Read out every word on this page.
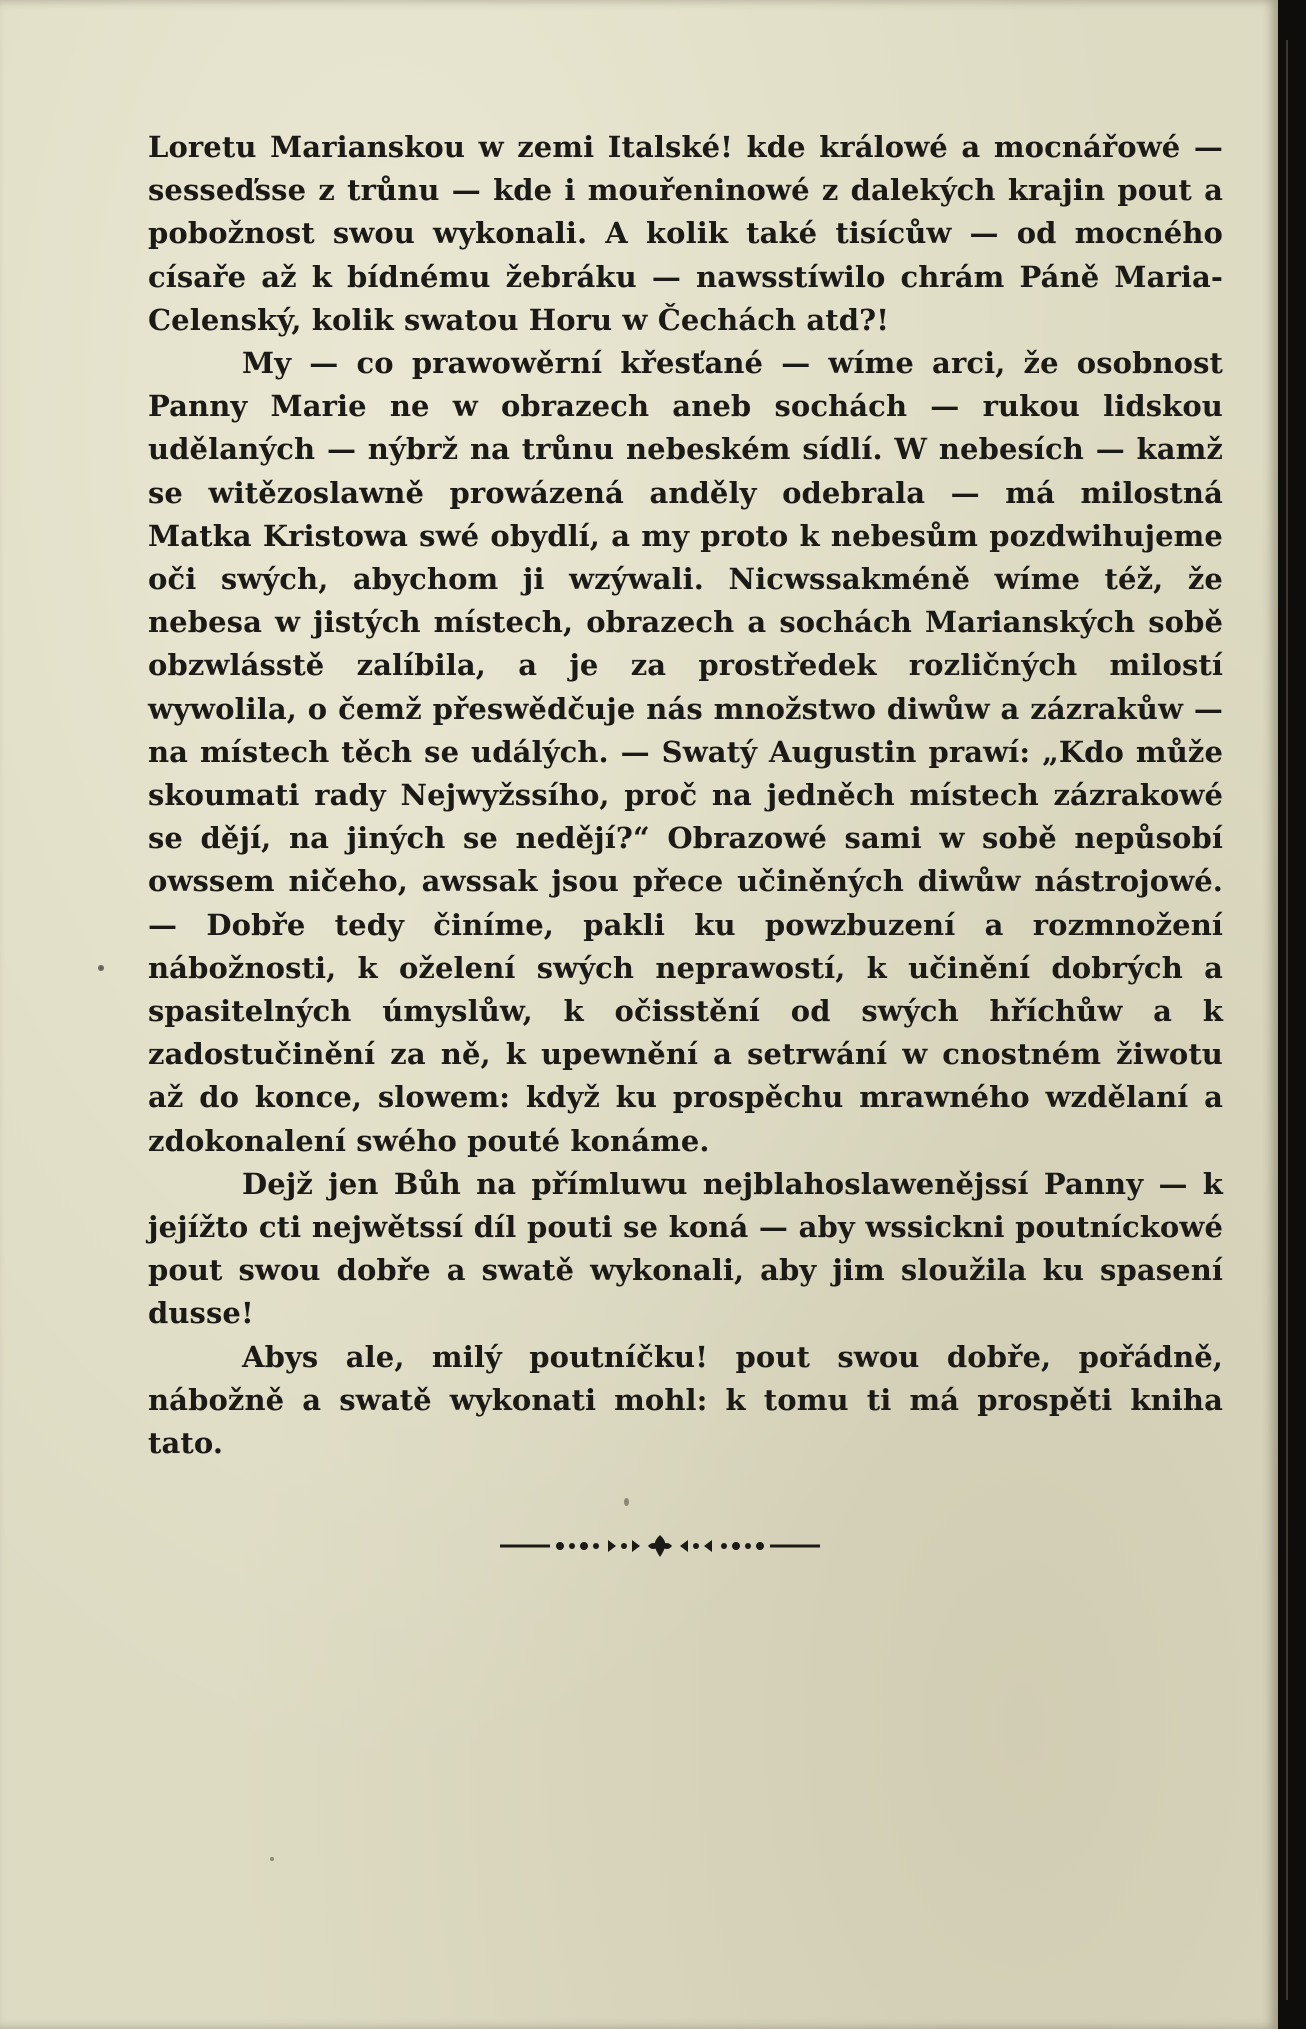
Loretu Marianskou w zemi Italské! kde králowé a mocnářowé — sesseďsse z trůnu — kde i mouřeninowé z dalekých krajin pout a pobožnost swou wykonali. A kolik také tisícůw — od mocného císaře až k bídnému žebráku — nawsstíwilo chrám Páně Maria-Celenský, kolik swatou Horu w Čechách atd?!

My — co prawowěrní křesťané — wíme arci, že osobnost Panny Marie ne w obrazech aneb sochách — rukou lidskou udělaných — nýbrž na trůnu nebeském sídlí. W nebesích — kamž se witězoslawně prowázená anděly odebrala — má milostná Matka Kristowa swé obydlí, a my proto k nebesům pozdwihujeme oči swých, abychom ji wzýwali. Nicwssakméně wíme též, že nebesa w jistých místech, obrazech a sochách Marianských sobě obzwlásstě zalíbila, a je za prostředek rozličných milostí wywolila, o čemž přeswědčuje nás množstwo diwůw a zázrakůw — na místech těch se událých. — Swatý Augustin prawí: „Kdo může skoumati rady Nejwyžssího, proč na jedněch místech zázrakowé se dějí, na jiných se nedějí?“ Obrazowé sami w sobě nepůsobí owssem ničeho, awssak jsou přece učiněných diwůw nástrojowé. — Dobře tedy činíme, pakli ku powzbuzení a rozmnožení nábožnosti, k oželení swých neprawostí, k učinění dobrých a spasitelných úmyslůw, k očisstění od swých hříchůw a k zadostučinění za ně, k upewnění a setrwání w cnostném žiwotu až do konce, slowem: když ku prospěchu mrawného wzdělaní a zdokonalení swého pouté konáme.

Dejž jen Bůh na přímluwu nejblahoslawenějssí Panny — k jejížto cti nejwětssí díl pouti se koná — aby wssickni poutníckowé pout swou dobře a swatě wykonali, aby jim sloužila ku spasení dusse!

Abys ale, milý poutníčku! pout swou dobře, pořádně, nábožně a swatě wykonati mohl: k tomu ti má prospěti kniha tato.
